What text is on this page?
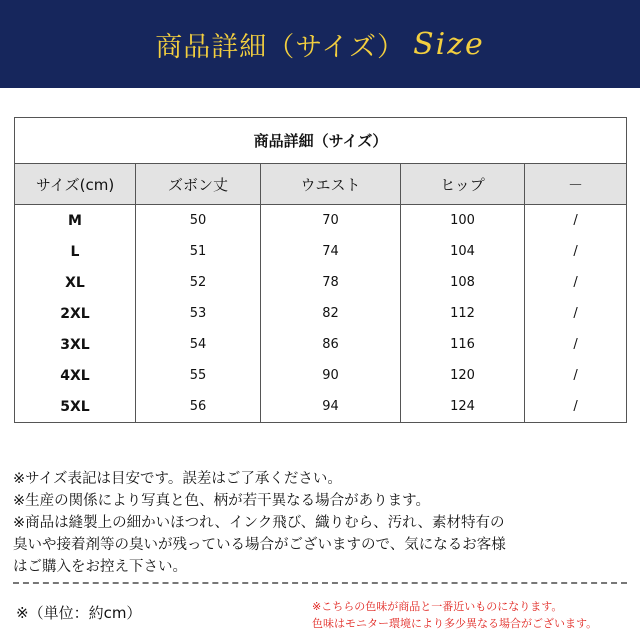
商品詳細（サイズ） Size
商品詳細（サイズ）				
サイズ(cm)	ズボン丈	ウエスト	ヒップ	－
M	50	70	100	/
L	51	74	104	/
XL	52	78	108	/
2XL	53	82	112	/
3XL	54	86	116	/
4XL	55	90	120	/
5XL	56	94	124	/

※サイズ表記は目安です。誤差はご了承ください。

※生産の関係により写真と色、柄が若干異なる場合があります。

※商品は縫製上の細かいほつれ、インク飛び、織りむら、汚れ、素材特有の

臭いや接着剤等の臭いが残っている場合がございますので、気になるお客様

はご購入をお控え下さい。

※（単位：約cm）	※こちらの色味が商品と一番近いものになります。

色味はモニター環境により多少異なる場合がございます。
